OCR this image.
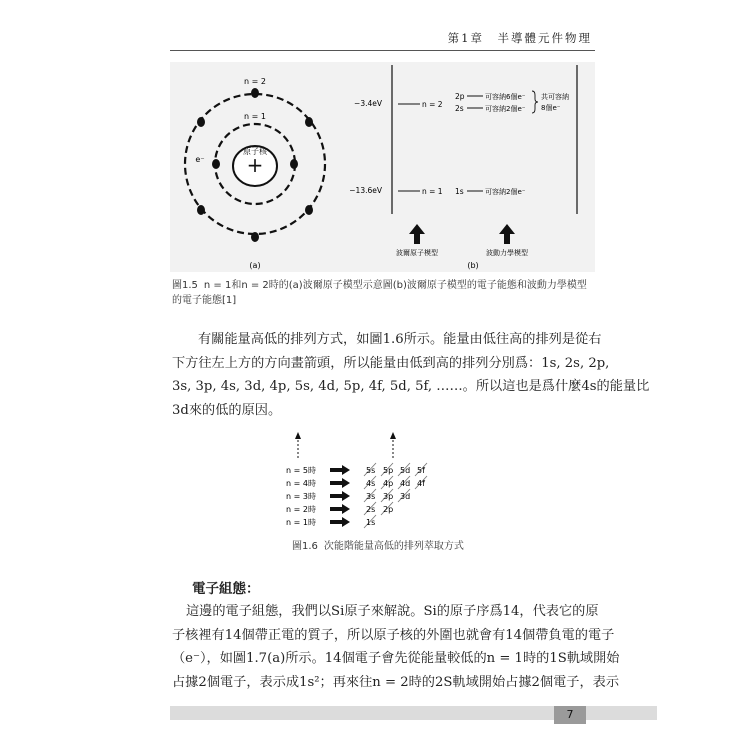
第1章　半導體元件物理
+
原子核
n = 2
n = 1
e⁻
(a)
−3.4eV	n = 2
−13.6eV	n = 1
2p	可容納6個e⁻
2s	可容納2個e⁻
共可容納
8個e⁻
1s	可容納2個e⁻
波爾原子模型	波動力學模型
(b)
圖1.5 n = 1和n = 2時的(a)波爾原子模型示意圖(b)波爾原子模型的電子能態和波動力學模型的電子能態[1]
有關能量高低的排列方式，如圖1.6所示。能量由低往高的排列是從右
下方往左上方的方向畫箭頭，所以能量由低到高的排列分別爲：1s, 2s, 2p,
3s, 3p, 4s, 3d, 4p, 5s, 4d, 5p, 4f, 5d, 5f, ……。所以這也是爲什麼4s的能量比
3d來的低的原因。
n = 5時
n = 4時
n = 3時
n = 2時
n = 1時
5s 5p 5d 5f
4s 4p 4d 4f
3s 3p 3d
2s 2p
1s
圖1.6 次能階能量高低的排列萃取方式
電子組態：
這邊的電子組態，我們以Si原子來解說。Si的原子序爲14，代表它的原
子核裡有14個帶正電的質子，所以原子核的外圍也就會有14個帶負電的電子
（e⁻），如圖1.7(a)所示。14個電子會先從能量較低的n = 1時的1S軌域開始
占據2個電子，表示成1s²；再來往n = 2時的2S軌域開始占據2個電子，表示
7
